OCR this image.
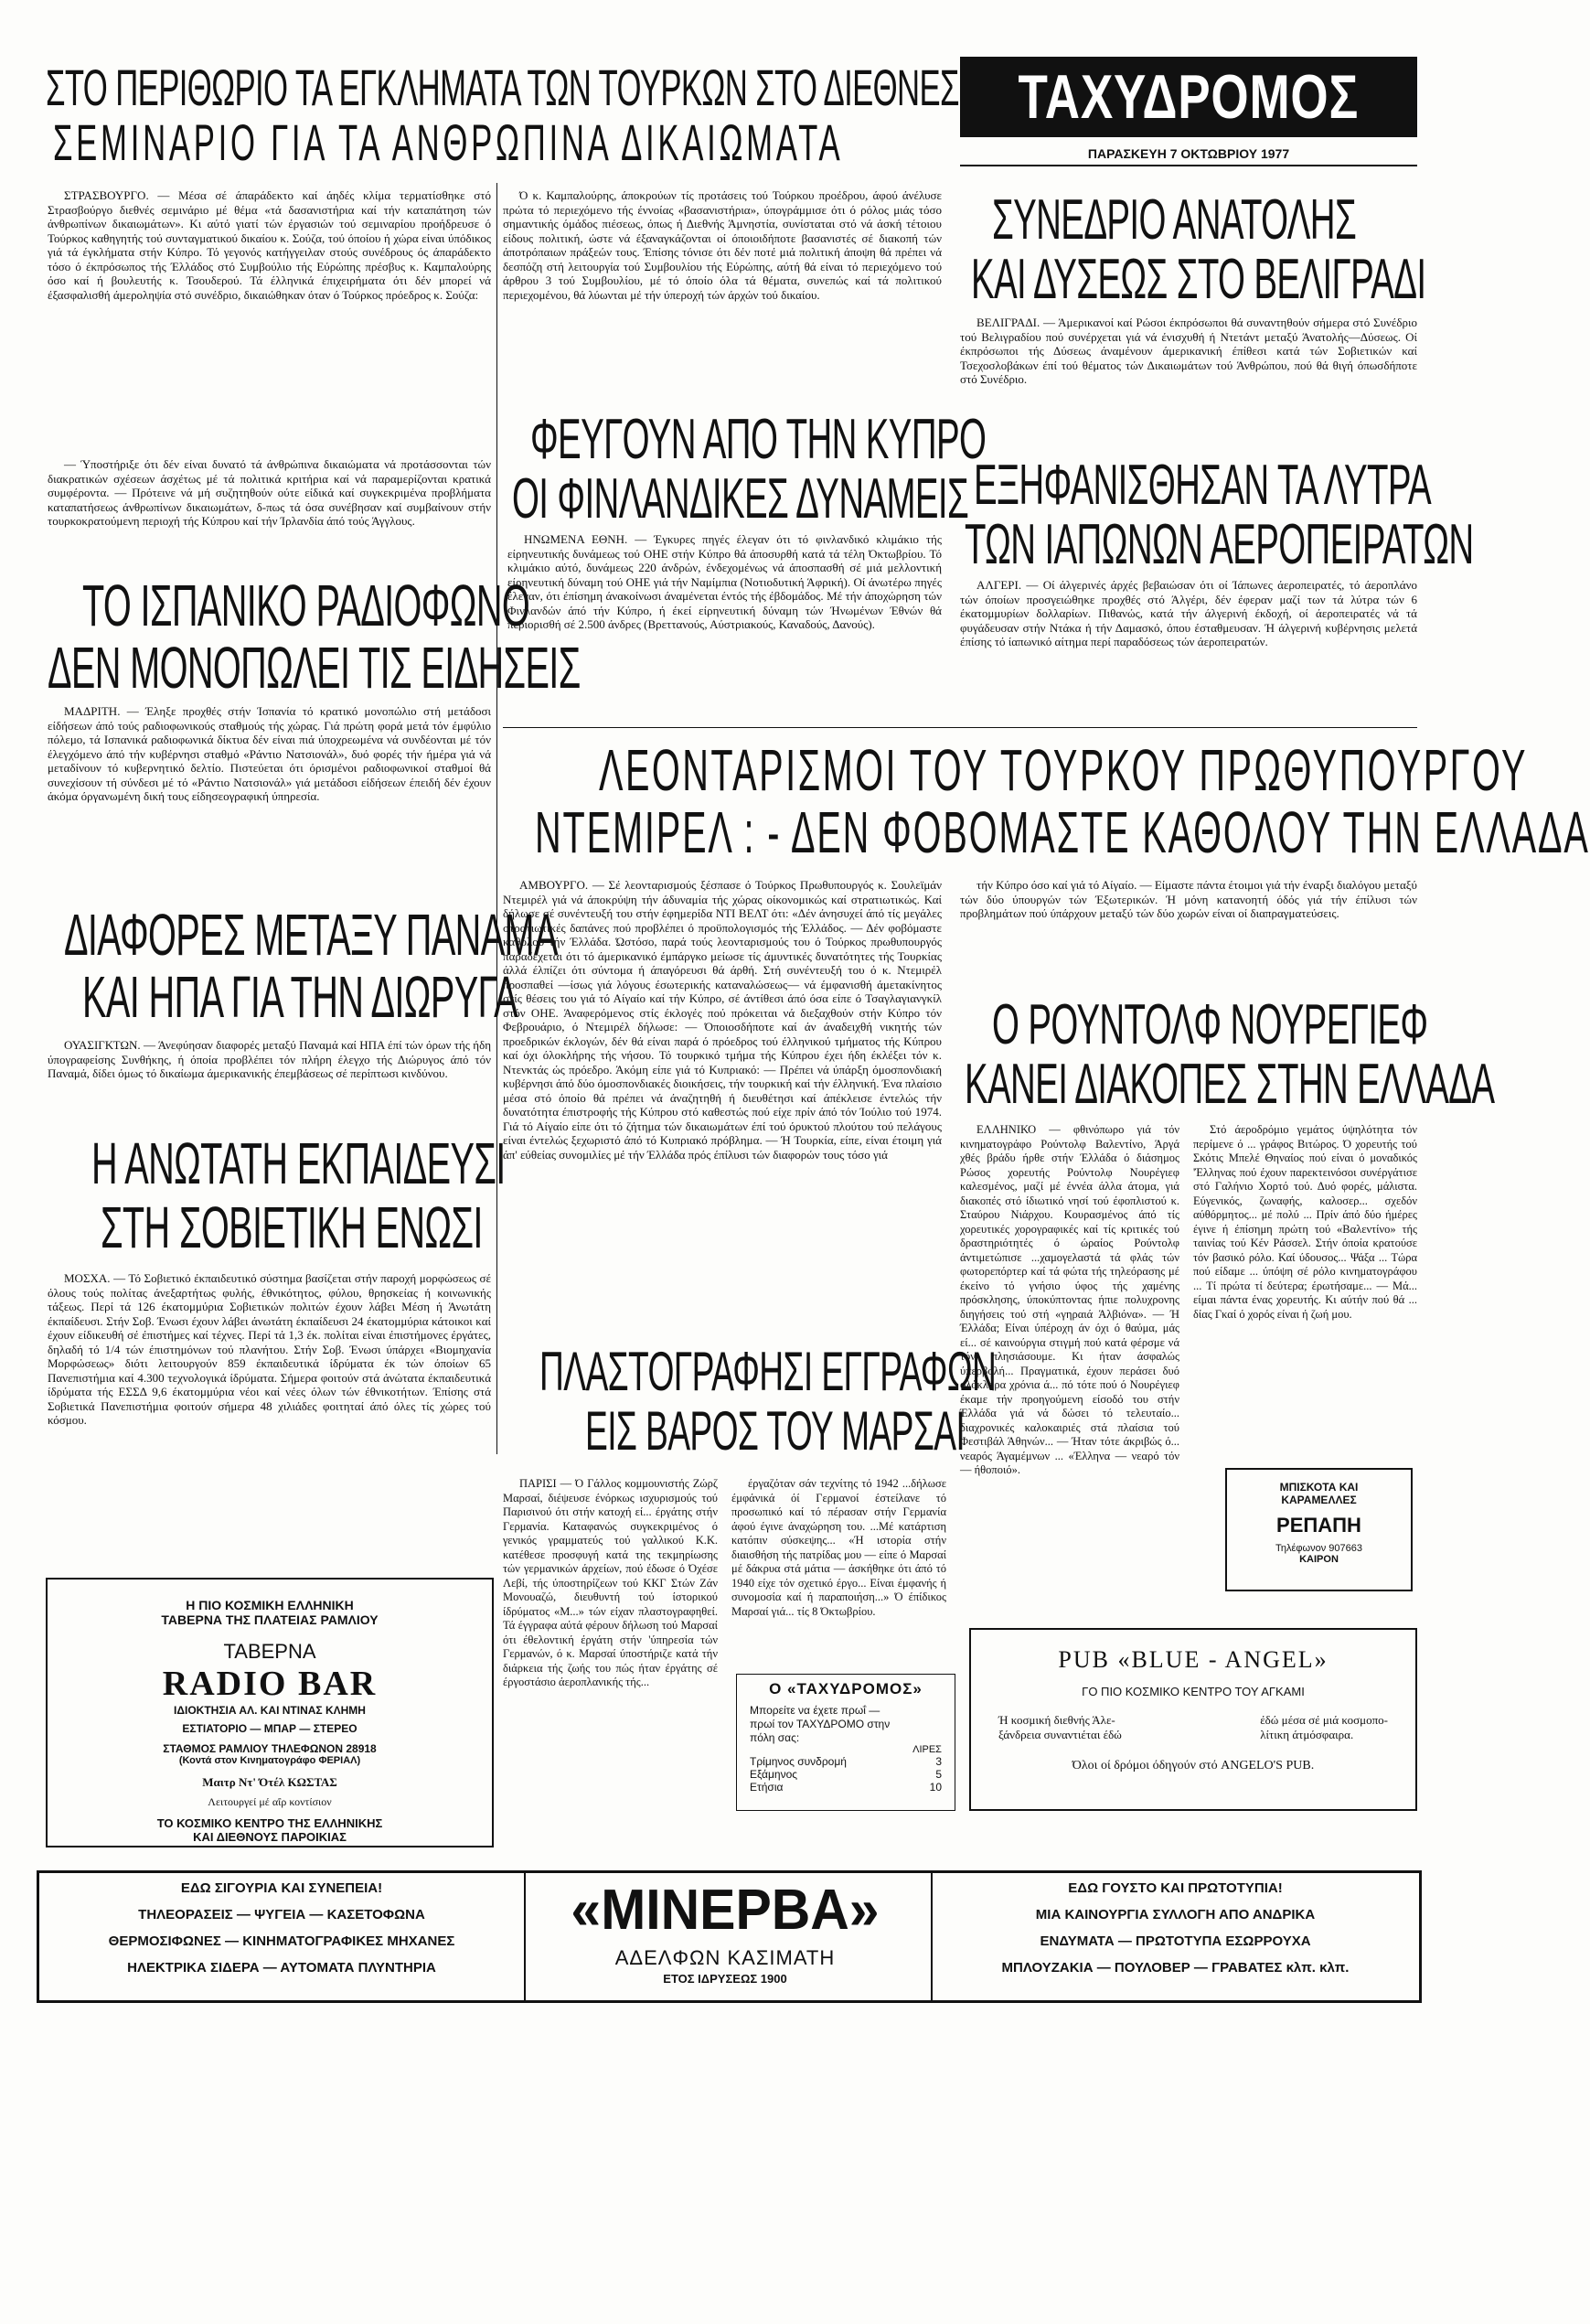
ΣΤΟ ΠΕΡΙΘΩΡΙΟ ΤΑ ΕΓΚΛΗΜΑΤΑ ΤΩΝ ΤΟΥΡΚΩΝ ΣΤΟ ΔΙΕΘΝΕΣ
ΣΕΜΙΝΑΡΙΟ ΓΙΑ ΤΑ ΑΝΘΡΩΠΙΝΑ ΔΙΚΑΙΩΜΑΤΑ

ΣΤΡΑΣΒΟΥΡΓΟ. — Μέσα σέ άπαράδεκτο καί άηδές κλίμα τερματίσθηκε στό Στρασβούργο διεθνές σεμινάριο μέ θέμα «τά δασανιστήρια καί τήν καταπάτηση τών άνθρωπίνων δικαιωμάτων». Κι αύτό γιατί τών έργασιών τού σεμιναρίου προήδρευσε ό Τούρκος καθηγητής τού συνταγματικού δικαίου κ. Σούζα, τού όποίου ή χώρα είναι ύπόδικος γιά τά έγκλήματα στήν Κύπρο. Τό γεγονός κατήγγειλαν στούς συνέδρους ός άπαράδεκτο τόσο ό έκπρόσωπος τής Έλλάδος στό Συμβούλιο τής Εύρώπης πρέσβυς κ. Καμπαλούρης όσο καί ή βουλευτής κ. Τσουδερού. Τά έλληνικά έπιχειρήματα ότι δέν μπορεί νά έξασφαλισθή άμεροληψία στό συνέδριο, δικαιώθηκαν όταν ό Τούρκος πρόεδρος κ. Σούζα:

— Ύποστήριξε ότι δέν είναι δυνατό τά άνθρώπινα δικαιώματα νά προτάσσονται τών διακρατικών σχέσεων άσχέτως μέ τά πολιτικά κριτήρια καί νά παραμερίζονται κρατικά συμφέροντα. — Πρότεινε νά μή συζητηθούν ούτε είδικά καί συγκεκριμένα προβλήματα καταπατήσεως άνθρωπίνων δικαιωμάτων, δ-πως τά όσα συνέβησαν καί συμβαίνουν στήν τουρκοκρατούμενη περιοχή τής Κύπρου καί τήν Ίρλανδία άπό τούς Άγγλους.

Ό κ. Καμπαλούρης, άποκρούων τίς προτάσεις τού Τούρκου προέδρου, άφού άνέλυσε πρώτα τό περιεχόμενο τής έννοίας «βασανιστήρια», ύπογράμμισε ότι ό ρόλος μιάς τόσο σημαντικής όμάδος πιέσεως, όπως ή Διεθνής Άμνηστία, συνίσταται στό νά άσκή τέτοιου είδους πολιτική, ώστε νά έξαναγκάζονται οί όποιοιδήποτε βασανιστές σέ διακοπή τών άποτρόπαιων πράξεών τους. Έπίσης τόνισε ότι δέν ποτέ μιά πολιτική άποψη θά πρέπει νά δεσπόζη στή λειτουργία τού Συμβουλίου τής Εύρώπης, αύτή θά είναι τό περιεχόμενο τού άρθρου 3 τού Συμβουλίου, μέ τό όποίο όλα τά θέματα, συνεπώς καί τά πολιτικού περιεχομένου, θά λύωνται μέ τήν ύπεροχή τών άρχών τού δικαίου.

ΤΑΧΥΔΡΟΜΟΣ
ΠΑΡΑΣΚΕΥΗ 7 ΟΚΤΩΒΡΙΟΥ 1977
ΣΥΝΕΔΡΙΟ ΑΝΑΤΟΛΗΣ
ΚΑΙ ΔΥΣΕΩΣ ΣΤΟ ΒΕΛΙΓΡΑΔΙ

ΒΕΛΙΓΡΑΔΙ. — Άμερικανοί καί Ρώσοι έκπρόσωποι θά συναντηθούν σήμερα στό Συνέδριο τού Βελιγραδίου πού συνέρχεται γιά νά ένισχυθή ή Ντετάντ μεταξύ Άνατολής—Δύσεως. Οί έκπρόσωποι τής Δύσεως άναμένουν άμερικανική έπίθεσι κατά τών Σοβιετικών καί Τσεχοσλοβάκων έπί τού θέματος τών Δικαιωμάτων τού Άνθρώπου, πού θά θιγή όπωσδήποτε στό Συνέδριο.

ΦΕΥΓΟΥΝ ΑΠΟ ΤΗΝ ΚΥΠΡΟ
ΟΙ ΦΙΝΛΑΝΔΙΚΕΣ ΔΥΝΑΜΕΙΣ

ΗΝΩΜΕΝΑ ΕΘΝΗ. — Έγκυρες πηγές έλεγαν ότι τό φινλανδικό κλιμάκιο τής είρηνευτικής δυνάμεως τού ΟΗΕ στήν Κύπρο θά άποσυρθή κατά τά τέλη Όκτωβρίου. Τό κλιμάκιο αύτό, δυνάμεως 220 άνδρών, ένδεχομένως νά άποσπασθή σέ μιά μελλοντική είρηνευτική δύναμη τού ΟΗΕ γιά τήν Ναμίμπια (Νοτιοδυτική Άφρική). Οί άνωτέρω πηγές έλεγαν, ότι έπίσημη άνακοίνωσι άναμένεται έντός τής έβδομάδος. Μέ τήν άποχώρηση τών Φινλανδών άπό τήν Κύπρο, ή έκεί είρηνευτική δύναμη τών Ήνωμένων Έθνών θά περιορισθή σέ 2.500 άνδρες (Βρεττανούς, Αύστριακούς, Καναδούς, Δανούς).

ΕΞΗΦΑΝΙΣΘΗΣΑΝ ΤΑ ΛΥΤΡΑ
ΤΩΝ ΙΑΠΩΝΩΝ ΑΕΡΟΠΕΙΡΑΤΩΝ

ΑΛΓΕΡΙ. — Οί άλγερινές άρχές βεβαιώσαν ότι οί Ίάπωνες άεροπειρατές, τό άεροπλάνο τών όποίων προσγειώθηκε προχθές στό Άλγέρι, δέν έφεραν μαζί των τά λύτρα τών 6 έκατομμυρίων δολλαρίων. Πιθανώς, κατά τήν άλγερινή έκδοχή, οί άεροπειρατές νά τά φυγάδευσαν στήν Ντάκα ή τήν Δαμασκό, όπου έσταθμευσαν. Ή άλγερινή κυβέρνησις μελετά έπίσης τό ίαπωνικό αίτημα περί παραδόσεως τών άεροπειρατών.

ΤΟ ΙΣΠΑΝΙΚΟ ΡΑΔΙΟΦΩΝΟ
ΔΕΝ ΜΟΝΟΠΩΛΕΙ ΤΙΣ ΕΙΔΗΣΕΙΣ

ΜΑΔΡΙΤΗ. — Έληξε προχθές στήν Ίσπανία τό κρατικό μονοπώλιο στή μετάδοσι είδήσεων άπό τούς ραδιοφωνικούς σταθμούς τής χώρας. Γιά πρώτη φορά μετά τόν έμφύλιο πόλεμο, τά Ισπανικά ραδιοφωνικά δίκτυα δέν είναι πιά ύποχρεωμένα νά συνδέονται μέ τόν έλεγχόμενο άπό τήν κυβέρνησι σταθμό «Ράντιο Νατσιονάλ», δυό φορές τήν ήμέρα γιά νά μεταδίνουν τό κυβερνητικό δελτίο. Πιστεύεται ότι όρισμένοι ραδιοφωνικοί σταθμοί θά συνεχίσουν τή σύνδεσι μέ τό «Ράντιο Νατσιονάλ» γιά μετάδοσι είδήσεων έπειδή δέν έχουν άκόμα όργανωμένη δική τους είδησεογραφική ύπηρεσία.	ΛΕΟΝΤΑΡΙΣΜΟΙ ΤΟΥ ΤΟΥΡΚΟΥ ΠΡΩΘΥΠΟΥΡΓΟΥ
ΝΤΕΜΙΡΕΛ : - ΔΕΝ ΦΟΒΟΜΑΣΤΕ ΚΑΘΟΛΟΥ ΤΗΝ ΕΛΛΑΔΑ

ΑΜΒΟΥΡΓΟ. — Σέ λεονταρισμούς ξέσπασε ό Τούρκος Πρωθυπουργός κ. Σουλεϊμάν Ντεμιρέλ γιά νά άποκρύψη τήν άδυναμία τής χώρας οίκονομικώς καί στρατιωτικώς. Καί δήλωσε σέ συνέντευξή του στήν έφημερίδα ΝΤΙ ΒΕΛΤ ότι: «Δέν άνησυχεί άπό τίς μεγάλες στρατιωτικές δαπάνες πού προβλέπει ό προϋπολογισμός τής Έλλάδος. — Δέν φοβόμαστε καθόλου τήν Έλλάδα. Ώστόσο, παρά τούς λεονταρισμούς του ό Τούρκος πρωθυπουργός παραδέχεται ότι τό άμερικανικό έμπάργκο μείωσε τίς άμυντικές δυνατότητες τής Τουρκίας άλλά έλπίζει ότι σύντομα ή άπαγόρευσι θά άρθή. Στή συνέντευξή του ό κ. Ντεμιρέλ προσπαθεί —ίσως γιά λόγους έσωτερικής καταναλώσεως— νά έμφανισθή άμετακίνητος στίς θέσεις του γιά τό Αίγαίο καί τήν Κύπρο, σέ άντίθεσι άπό όσα είπε ό Τσαγλαγιανγκίλ στόν ΟΗΕ. Άναφερόμενος στίς έκλογές πού πρόκειται νά διεξαχθούν στήν Κύπρο τόν Φεβρουάριο, ό Ντεμιρέλ δήλωσε: — Όποιοσδήποτε καί άν άναδειχθή νικητής τών προεδρικών έκλογών, δέν θά είναι παρά ό πρόεδρος τού έλληνικού τμήματος τής Κύπρου καί όχι όλοκλήρης τής νήσου. Τό τουρκικό τμήμα τής Κύπρου έχει ήδη έκλέξει τόν κ. Ντενκτάς ώς πρόεδρο. Άκόμη είπε γιά τό Κυπριακό: — Πρέπει νά ύπάρξη όμοσπονδιακή κυβέρνησι άπό δύο όμοσπονδιακές διοικήσεις, τήν τουρκική καί τήν έλληνική. Ένα πλαίσιο μέσα στό όποίο θά πρέπει νά άναζητηθή ή διευθέτησι καί άπέκλεισε έντελώς τήν δυνατότητα έπιστροφής τής Κύπρου στό καθεστώς πού είχε πρίν άπό τόν Ίούλιο τού 1974. Γιά τό Αίγαίο είπε ότι τό ζήτημα τών δικαιωμάτων έπί τού όρυκτού πλούτου τού πελάγους είναι έντελώς ξεχωριστό άπό τό Κυπριακό πρόβλημα. — Ή Τουρκία, είπε, είναι έτοιμη γιά άπ' εύθείας συνομιλίες μέ τήν Έλλάδα πρός έπίλυσι τών διαφορών τους τόσο γιά

τήν Κύπρο όσο καί γιά τό Αίγαίο. — Είμαστε πάντα έτοιμοι γιά τήν έναρξι διαλόγου μεταξύ τών δύο ύπουργών τών Έξωτερικών. Ή μόνη κατανοητή όδός γιά τήν έπίλυσι τών προβλημάτων πού ύπάρχουν μεταξύ τών δύο χωρών είναι οί διαπραγματεύσεις.

ΔΙΑΦΟΡΕΣ ΜΕΤΑΞΥ ΠΑΝΑΜΑ
ΚΑΙ ΗΠΑ ΓΙΑ ΤΗΝ ΔΙΩΡΥΓΑ

ΟΥΑΣΙΓΚΤΩΝ. — Άνεφύησαν διαφορές μεταξύ Παναμά καί ΗΠΑ έπί τών όρων τής ήδη ύπογραφείσης Συνθήκης, ή όποία προβλέπει τόν πλήρη έλεγχο τής Διώρυγος άπό τόν Παναμά, δίδει όμως τό δικαίωμα άμερικανικής έπεμβάσεως σέ περίπτωσι κινδύνου.

Ο ΡΟΥΝΤΟΛΦ ΝΟΥΡΕΓΙΕΦ
ΚΑΝΕΙ ΔΙΑΚΟΠΕΣ ΣΤΗΝ ΕΛΛΑΔΑ

ΕΛΛΗΝΙΚΟ — φθινόπωρο γιά τόν κινηματογράφο Ρούντολφ Βαλεντίνο, Άργά χθές βράδυ ήρθε στήν Έλλάδα ό διάσημος Ρώσος χορευτής Ρούντολφ Νουρέγιεφ καλεσμένος, μαζί μέ έννέα άλλα άτομα, γιά διακοπές στό ίδιωτικό νησί τού έφοπλιστού κ. Σταύρου Νιάρχου. Κουρασμένος άπό τίς χορευτικές χορογραφικές καί τίς κριτικές τού δραστηριότητές ό ώραίος Ρούντολφ άντιμετώπισε ...χαμογελαστά τά φλάς τών φωτορεπόρτερ καί τά φώτα τής τηλεόρασης μέ έκείνο τό γνήσιο ύφος τής χαμένης πρόσκλησης, ύποκύπτοντας ήπιε πολυχρονης διηγήσεις τού στή «γηραιά Άλβιόνα». — Ή Έλλάδα; Είναι ύπέροχη άν όχι ό θαύμα, μάς εί... σέ καινούργια στιγμή πού κατά φέρσμε νά τόν πλησιάσουμε. Κι ήταν άσφαλώς ύπερβολή... Πραγματικά, έχουν περάσει δυό ολόκληρα χρόνια ά... πό τότε πού ό Νουρέγιεφ έκαμε τήν προηγούμενη είσοδό του στήν Έλλάδα γιά νά δώσει τό τελευταίο... διαχρονικές καλοκαιριές στά πλαίσια τού Φεστιβάλ Άθηνών... — Ήταν τότε άκριβώς ό... νεαρός Άγαμέμνων ... «Έλληνα — νεαρό τόν — ήθοποιό».

Στό άεροδρόμιο γεμάτος ύψηλότητα τόν περίμενε ό ... γράφος Βιτώρος. Ό χορευτής τού Σκότις Μπελέ Θηναίος πού είναι ό μοναδικός 'Έλληνας πού έχουν παρεκτεινόσοι συνέργάτισε στό Γαλήνιο Χορτό τού. Δυό φορές, μάλιστα. Εύγενικός, ζωναφής, καλοσερ... σχεδόν αύθόρμητος... μέ πολύ ... Πρίν άπό δύο ήμέρες έγινε ή έπίσημη πρώτη τού «Βαλεντίνο» τής ταινίας τού Κέν Ράσσελ. Στήν όποία κρατούσε τόν βασικό ρόλο. Καί ύδουσος... Ψάξα ... Τώρα πού είδαμε ... ύπόψη σέ ρόλο κινηματογράφου ... Τί πρώτα τί δεύτερα; έρωτήσαμε... — Μά... είμαι πάντα ένας χορευτής. Κι αύτήν πού θά ... δίας Γκαί ό χορός είναι ή ζωή μου.

Η ΑΝΩΤΑΤΗ ΕΚΠΑΙΔΕΥΣΙ
ΣΤΗ ΣΟΒΙΕΤΙΚΗ ΕΝΩΣΙ

ΜΟΣΧΑ. — Τό Σοβιετικό έκπαιδευτικό σύστημα βασίζεται στήν παροχή μορφώσεως σέ όλους τούς πολίτας άνεξαρτήτως φυλής, έθνικότητος, φύλου, θρησκείας ή κοινωνικής τάξεως. Περί τά 126 έκατομμύρια Σοβιετικών πολιτών έχουν λάβει Μέση ή Άνωτάτη έκπαίδευσι. Στήν Σοβ. Ένωσι έχουν λάβει άνωτάτη έκπαίδευσι 24 έκατομμύρια κάτοικοι καί έχουν είδικευθή σέ έπιστήμες καί τέχνες. Περί τά 1,3 έκ. πολίται είναι έπιστήμονες έργάτες, δηλαδή τό 1/4 τών έπιστημόνων τού πλανήτου. Στήν Σοβ. Ένωσι ύπάρχει «Βιομηχανία Μορφώσεως» διότι λειτουργούν 859 έκπαιδευτικά ίδρύματα έκ τών όποίων 65 Πανεπιστήμια καί 4.300 τεχνολογικά ίδρύματα. Σήμερα φοιτούν στά άνώτατα έκπαιδευτικά ίδρύματα τής ΕΣΣΔ 9,6 έκατομμύρια νέοι καί νέες όλων τών έθνικοτήτων. Έπίσης στά Σοβιετικά Πανεπιστήμια φοιτούν σήμερα 48 χιλιάδες φοιτηταί άπό όλες τίς χώρες τού κόσμου.

ΠΛΑΣΤΟΓΡΑΦΗΣΙ ΕΓΓΡΑΦΩΝ
ΕΙΣ ΒΑΡΟΣ ΤΟΥ ΜΑΡΣΑΙ

ΠΑΡΙΣΙ — Ό Γάλλος κομμουνιστής Ζώρζ Μαρσαί, διέψευσε ένόρκως ισχυρισμούς τού Παρισινού ότι στήν κατοχή εί... έργάτης στήν Γερμανία. Καταφανώς συγκεκριμένος ό γενικός γραμματεύς τού γαλλικού Κ.Κ. κατέθεσε προσφυγή κατά της τεκμηρίωσης τών γερμανικών άρχείων, πού έδωσε ό Όχέσε Λεβί, τής ύποστηρίζεων τού ΚΚΓ Στών Ζάν Μονουαζώ, διευθυντή τού ίστορικού ίδρύματος «Μ...» τών είχαν πλαστογραφηθεί. Τά έγγραφα αύτά φέρουν δήλωση τού Μαρσαί ότι έθελοντική έργάτη στήν 'ύπηρεσία τών Γερμανών, ό κ. Μαρσαί ύποστήριζε κατά τήν διάρκεια τής ζωής του πώς ήταν έργάτης σέ έργοστάσιο άεροπλανικής τής...

έργαζόταν σάν τεχνίτης τό 1942 ...δήλωσε έμφάνικά όί Γερμανοί έστείλανε τό προσωπικό καί τό πέρασαν στήν Γερμανία άφού έγινε άναχώρηση του. ...Μέ κατάρτιση κατόπιν σύσκεψης... «Ή ιστορία στήν διαισθήση τής πατρίδας μου — είπε ό Μαρσαί μέ δάκρυα στά μάτια — άσκήθηκε ότι άπό τό 1940 είχε τόν σχετικό έργο... Είναι έμφανής ή συνομοσία καί ή παραποιήση...» Ό έπίδικος Μαρσαί γιά... τίς 8 Όκτωβρίου.

Ο «ΤΑΧΥΔΡΟΜΟΣ»
Μπορείτε να έχετε πρωΐ —
πρωί τον ΤΑΧΥΔΡΟΜΟ στην
πόλη σας:
ΛΙΡΕΣ
Τρίμηνος συνδρομή	3
Εξάμηνος	5
Ετήσια	10
Η ΠΙΟ ΚΟΣΜΙΚΗ ΕΛΛΗΝΙΚΗ
ΤΑΒΕΡΝΑ ΤΗΣ ΠΛΑΤΕΙΑΣ ΡΑΜΛΙΟΥ
TAΒΕΡΝΑ
RADIO BAR
ΙΔΙΟΚΤΗΣΙΑ ΑΛ. ΚΑΙ ΝΤΙΝΑΣ ΚΛΗΜΗ
ΕΣΤΙΑΤΟΡΙΟ — ΜΠΑΡ — ΣΤΕΡΕΟ
ΣΤΑΘΜΟΣ ΡΑΜΛΙΟΥ ΤΗΛΕΦΩΝΟΝ 28918
(Κοντά στον Κινηματογράφο ΦΕΡΙΑΛ)
Μαιτρ Ντ' Ότέλ ΚΩΣΤΑΣ
Λειτουργεί μέ αΐρ κοντίσιον
ΤΟ ΚΟΣΜΙΚΟ ΚΕΝΤΡΟ ΤΗΣ ΕΛΛΗΝΙΚΗΣ
ΚΑΙ ΔΙΕΘΝΟΥΣ ΠΑΡΟΙΚΙΑΣ
ΜΠΙΣΚΟΤΑ ΚΑΙ
ΚΑΡΑΜΕΛΛΕΣ
ΡΕΠΑΠΗ
Τηλέφωνον 907663
ΚΑΙΡΟΝ
PUB «BLUE - ANGEL»
ΓΟ ΠΙΟ ΚΟΣΜΙΚΟ ΚΕΝΤΡΟ ΤΟΥ ΑΓΚΑΜΙ
Ή κοσμική διεθνής Άλε-
ξάνδρεια συναντιέται έδώ
έδώ μέσα σέ μιά κοσμοπο-
λίτικη άτμόσφαιρα.
Όλοι οί δρόμοι όδηγούν στό ANGELO'S PUB.
ΕΔΩ ΣΙΓΟΥΡΙΑ ΚΑΙ ΣΥΝΕΠΕΙΑ!
ΤΗΛΕΟΡΑΣΕΙΣ — ΨΥΓΕΙΑ — ΚΑΣΕΤΟΦΩΝΑ
ΘΕΡΜΟΣΙΦΩΝΕΣ — ΚΙΝΗΜΑΤΟΓΡΑΦΙΚΕΣ ΜΗΧΑΝΕΣ
ΗΛΕΚΤΡΙΚΑ ΣΙΔΕΡΑ — ΑΥΤΟΜΑΤΑ ΠΛΥΝΤΗΡΙΑ
«ΜΙΝΕΡΒΑ»
ΑΔΕΛΦΩΝ ΚΑΣΙΜΑΤΗ
ΕΤΟΣ ΙΔΡΥΣΕΩΣ 1900
ΕΔΩ ΓΟΥΣΤΟ ΚΑΙ ΠΡΩΤΟΤΥΠΙΑ!
ΜΙΑ ΚΑΙΝΟΥΡΓΙΑ ΣΥΛΛΟΓΗ ΑΠΟ ΑΝΔΡΙΚΑ
ΕΝΔΥΜΑΤΑ — ΠΡΩΤΟΤΥΠΑ ΕΣΩΡΡΟΥΧΑ
ΜΠΛΟΥΖΑΚΙΑ — ΠΟΥΛΟΒΕΡ — ΓΡΑΒΑΤΕΣ κλπ. κλπ.
